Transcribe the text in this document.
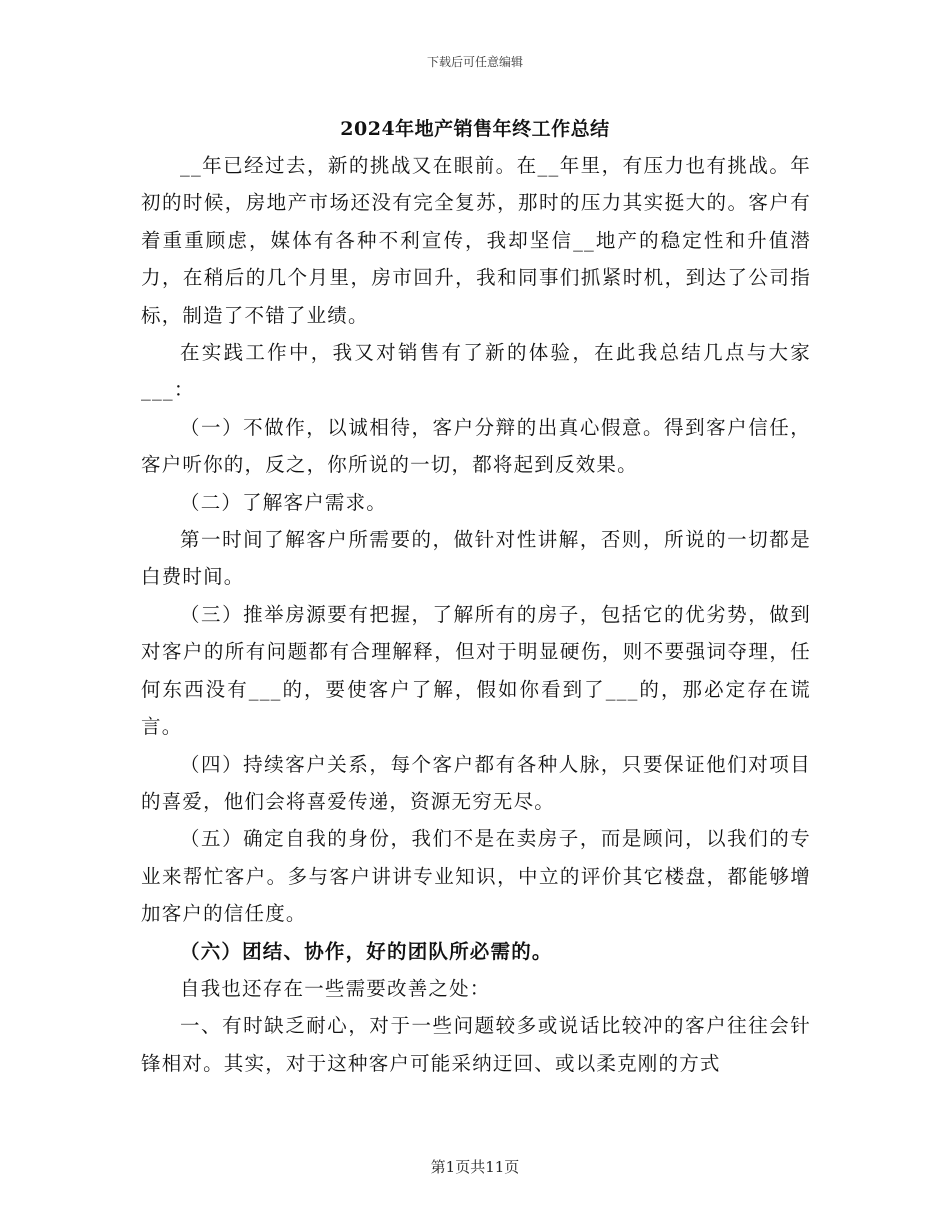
下载后可任意编辑
2024年地产销售年终工作总结

__年已经过去，新的挑战又在眼前。在__年里，有压力也有挑战。年初的时候，房地产市场还没有完全复苏，那时的压力其实挺大的。客户有着重重顾虑，媒体有各种不利宣传，我却坚信__地产的稳定性和升值潜力，在稍后的几个月里，房市回升，我和同事们抓紧时机，到达了公司指标，制造了不错了业绩。

在实践工作中，我又对销售有了新的体验，在此我总结几点与大家___：

（一）不做作，以诚相待，客户分辩的出真心假意。得到客户信任，客户听你的，反之，你所说的一切，都将起到反效果。

（二）了解客户需求。

第一时间了解客户所需要的，做针对性讲解，否则，所说的一切都是白费时间。

（三）推举房源要有把握，了解所有的房子，包括它的优劣势，做到对客户的所有问题都有合理解释，但对于明显硬伤，则不要强词夺理，任何东西没有___的，要使客户了解，假如你看到了___的，那必定存在谎言。

（四）持续客户关系，每个客户都有各种人脉，只要保证他们对项目的喜爱，他们会将喜爱传递，资源无穷无尽。

（五）确定自我的身份，我们不是在卖房子，而是顾问，以我们的专业来帮忙客户。多与客户讲讲专业知识，中立的评价其它楼盘，都能够增加客户的信任度。

（六）团结、协作，好的团队所必需的。

自我也还存在一些需要改善之处：

一、有时缺乏耐心，对于一些问题较多或说话比较冲的客户往往会针锋相对。其实，对于这种客户可能采纳迂回、或以柔克刚的方式

第1页共11页
